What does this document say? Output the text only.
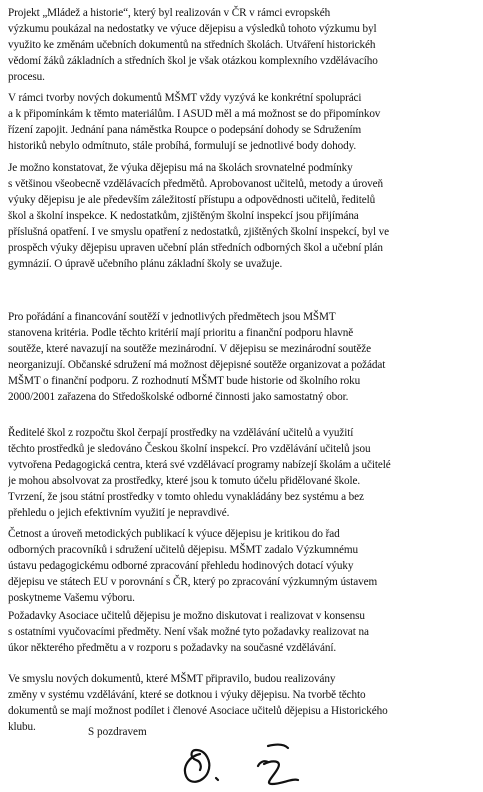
Projekt „Mládež a historie“, který byl realizován v ČR v rámci evropskéh
výzkumu poukázal na nedostatky ve výuce dějepisu a výsledků tohoto výzkumu byl
využito ke změnám učebních dokumentů na středních školách. Utváření historickéh
vědomí žáků základních a středních škol je však otázkou komplexního vzdělávacího
procesu.
V rámci tvorby nových dokumentů MŠMT vždy vyzývá ke konkrétní spolupráci
a k připomínkám k těmto materiálům. I ASUD měl a má možnost se do připomínkov
řízení zapojit. Jednání pana náměstka Roupce o podepsání dohody se Sdružením
historiků nebylo odmítnuto, stále probíhá, formulují se jednotlivé body dohody.
Je možno konstatovat, že výuka dějepisu má na školách srovnatelné podmínky
s většinou všeobecně vzdělávacích předmětů. Aprobovanost učitelů, metody a úroveň
výuky dějepisu je ale především záležitostí přístupu a odpovědnosti učitelů, ředitelů
škol a školní inspekce. K nedostatkům, zjištěným školní inspekcí jsou přijímána
příslušná opatření. I ve smyslu opatření z nedostatků, zjištěných školní inspekcí, byl ve
prospěch výuky dějepisu upraven učební plán středních odborných škol a učební plán
gymnázií. O úpravě učebního plánu základní školy se uvažuje.
Pro pořádání a financování soutěží v jednotlivých předmětech jsou MŠMT
stanovena kritéria. Podle těchto kritérií mají prioritu a finanční podporu hlavně
soutěže, které navazují na soutěže mezinárodní. V dějepisu se mezinárodní soutěže
neorganizují. Občanské sdružení má možnost dějepisné soutěže organizovat a požádat
MŠMT o finanční podporu. Z rozhodnutí MŠMT bude historie od školního roku
2000/2001 zařazena do Středoškolské odborné činnosti jako samostatný obor.
Ředitelé škol z rozpočtu škol čerpají prostředky na vzdělávání učitelů a využití
těchto prostředků je sledováno Českou školní inspekcí. Pro vzdělávání učitelů jsou
vytvořena Pedagogická centra, která své vzdělávací programy nabízejí školám a učitelé
je mohou absolvovat za prostředky, které jsou k tomuto účelu přidělované škole.
Tvrzení, že jsou státní prostředky v tomto ohledu vynakládány bez systému a bez
přehledu o jejich efektivním využití je nepravdivé.
Četnost a úroveň metodických publikací k výuce dějepisu je kritikou do řad
odborných pracovníků i sdružení učitelů dějepisu. MŠMT zadalo Výzkumnému
ústavu pedagogickému odborné zpracování přehledu hodinových dotací výuky
dějepisu ve státech EU v porovnání s ČR, který po zpracování výzkumným ústavem
poskytneme Vašemu výboru.
Požadavky Asociace učitelů dějepisu je možno diskutovat i realizovat v konsensu
s ostatními vyučovacími předměty. Není však možné tyto požadavky realizovat na
úkor některého předmětu a v rozporu s požadavky na současné vzdělávání.
Ve smyslu nových dokumentů, které MŠMT připravilo, budou realizovány
změny v systému vzdělávání, které se dotknou i výuky dějepisu. Na tvorbě těchto
dokumentů se mají možnost podílet i členové Asociace učitelů dějepisu a Historického
klubu.	S pozdravem
